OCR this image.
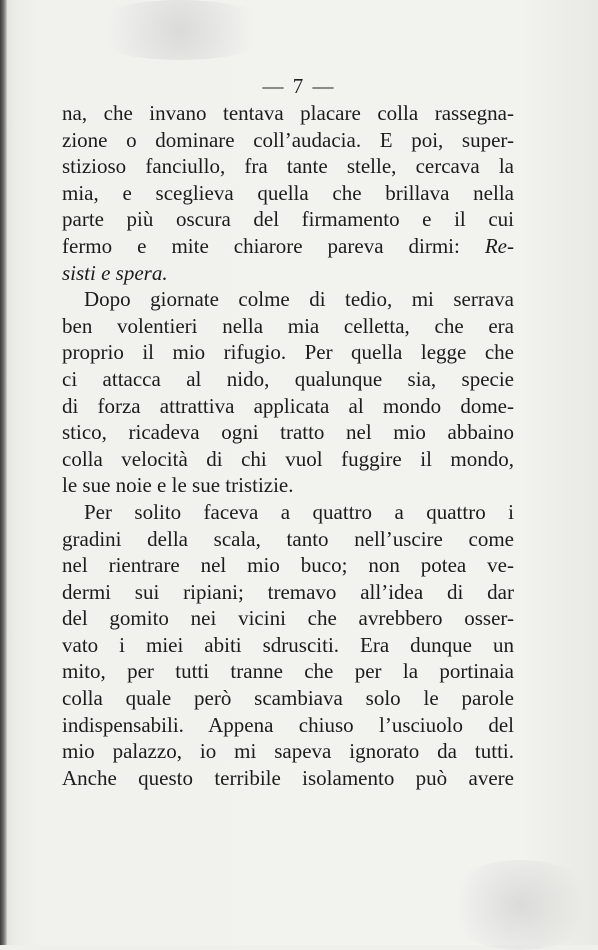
— 7 —
na, che invano tentava placare colla rassegna-
zione o dominare coll’audacia. E poi, super-
stizioso fanciullo, fra tante stelle, cercava la
mia, e sceglieva quella che brillava nella
parte più oscura del firmamento e il cui
fermo e mite chiarore pareva dirmi: Re-
sisti e spera.
Dopo giornate colme di tedio, mi serrava
ben volentieri nella mia celletta, che era
proprio il mio rifugio. Per quella legge che
ci attacca al nido, qualunque sia, specie
di forza attrattiva applicata al mondo dome-
stico, ricadeva ogni tratto nel mio abbaino
colla velocità di chi vuol fuggire il mondo,
le sue noie e le sue tristizie.
Per solito faceva a quattro a quattro i
gradini della scala, tanto nell’uscire come
nel rientrare nel mio buco; non potea ve-
dermi sui ripiani; tremavo all’idea di dar
del gomito nei vicini che avrebbero osser-
vato i miei abiti sdrusciti. Era dunque un
mito, per tutti tranne che per la portinaia
colla quale però scambiava solo le parole
indispensabili. Appena chiuso l’usciuolo del
mio palazzo, io mi sapeva ignorato da tutti.
Anche questo terribile isolamento può avere
